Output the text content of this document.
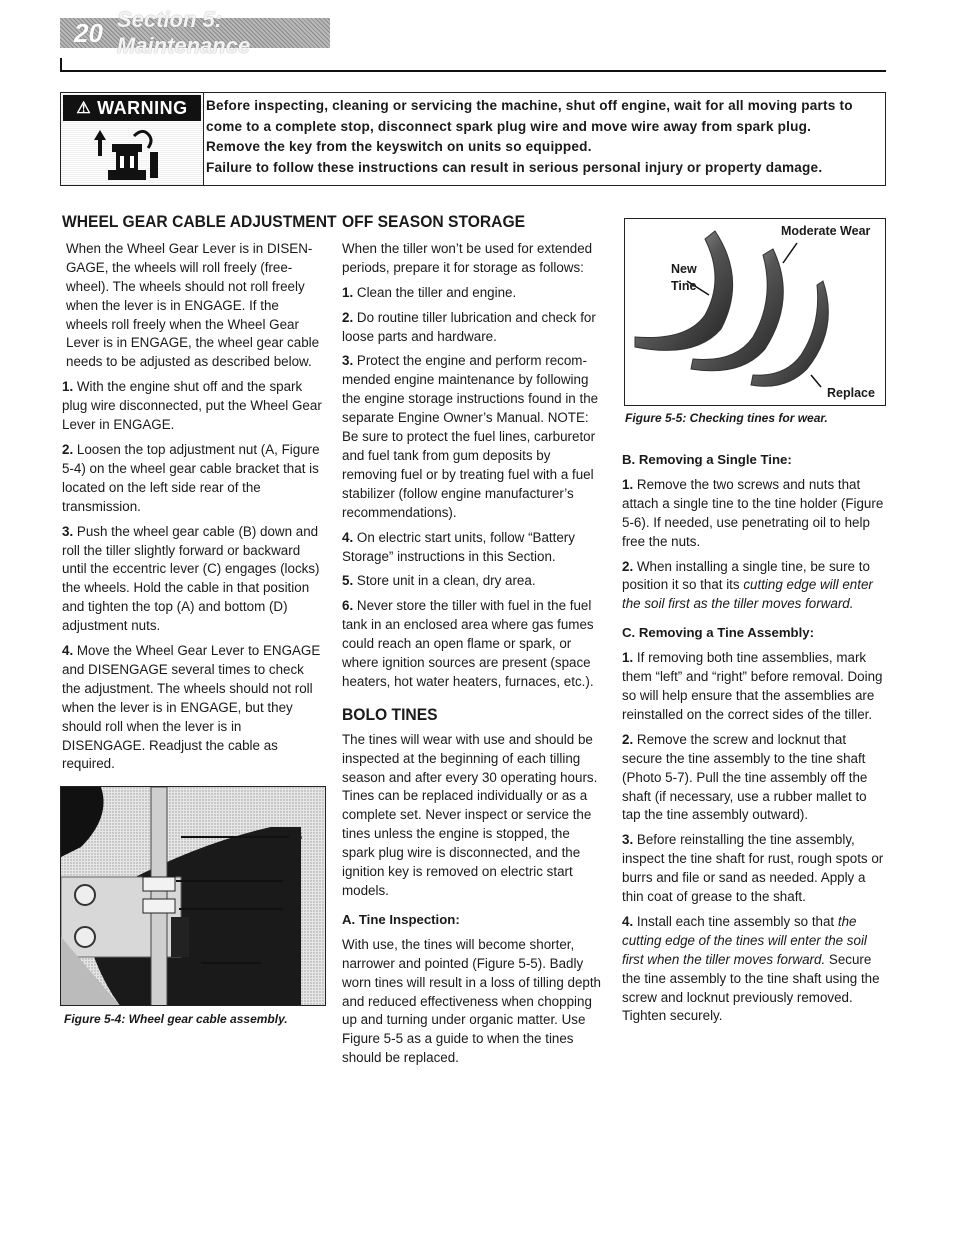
20 Section 5: Maintenance
⚠ WARNING Before inspecting, cleaning or servicing the machine, shut off engine, wait for all moving parts to

come to a complete stop, disconnect spark plug wire and move wire away from spark plug.

Remove the key from the keyswitch on units so equipped.

Failure to follow these instructions can result in serious personal injury or property damage.

WHEEL GEAR CABLE ADJUSTMENT

When the Wheel Gear Lever is in DISENGAGE, the wheels will roll freely (free-wheel). The wheels should not roll freely when the lever is in ENGAGE. If the wheels roll freely when the Wheel Gear Lever is in ENGAGE, the wheel gear cable needs to be adjusted as described below.

1. With the engine shut off and the spark plug wire disconnected, put the Wheel Gear Lever in ENGAGE.

2. Loosen the top adjustment nut (A, Figure 5-4) on the wheel gear cable bracket that is located on the left side rear of the transmission.

3. Push the wheel gear cable (B) down and roll the tiller slightly forward or backward until the eccentric lever (C) engages (locks) the wheels. Hold the cable in that position and tighten the top (A) and bottom (D) adjustment nuts.

4. Move the Wheel Gear Lever to ENGAGE and DISENGAGE several times to check the adjustment. The wheels should not roll when the lever is in ENGAGE, but they should roll when the lever is in DISENGAGE. Readjust the cable as required.

B
A
D
C
Figure 5-4: Wheel gear cable assembly.
OFF SEASON STORAGE

When the tiller won’t be used for extended periods, prepare it for storage as follows:

1. Clean the tiller and engine.

2. Do routine tiller lubrication and check for loose parts and hardware.

3. Protect the engine and perform recommended engine maintenance by following the engine storage instructions found in the separate Engine Owner’s Manual. NOTE: Be sure to protect the fuel lines, carburetor and fuel tank from gum deposits by removing fuel or by treating fuel with a fuel stabilizer (follow engine manufacturer’s recommendations).

4. On electric start units, follow “Battery Storage” instructions in this Section.

5. Store unit in a clean, dry area.

6. Never store the tiller with fuel in the fuel tank in an enclosed area where gas fumes could reach an open flame or spark, or where ignition sources are present (space heaters, hot water heaters, furnaces, etc.).

BOLO TINES

The tines will wear with use and should be inspected at the beginning of each tilling season and after every 30 operating hours. Tines can be replaced individually or as a complete set. Never inspect or service the tines unless the engine is stopped, the spark plug wire is disconnected, and the ignition key is removed on electric start models.

A. Tine Inspection:

With use, the tines will become shorter, narrower and pointed (Figure 5-5). Badly worn tines will result in a loss of tilling depth and reduced effectiveness when chopping up and turning under organic matter. Use Figure 5-5 as a guide to when the tines should be replaced.

Moderate Wear
New
Tine
Replace
Figure 5-5: Checking tines for wear.
B. Removing a Single Tine:

1. Remove the two screws and nuts that attach a single tine to the tine holder (Figure 5-6). If needed, use penetrating oil to help free the nuts.

2. When installing a single tine, be sure to position it so that its cutting edge will enter the soil first as the tiller moves forward.

C. Removing a Tine Assembly:

1. If removing both tine assemblies, mark them “left” and “right” before removal. Doing so will help ensure that the assemblies are reinstalled on the correct sides of the tiller.

2. Remove the screw and locknut that secure the tine assembly to the tine shaft (Photo 5-7). Pull the tine assembly off the shaft (if necessary, use a rubber mallet to tap the tine assembly outward).

3. Before reinstalling the tine assembly, inspect the tine shaft for rust, rough spots or burrs and file or sand as needed. Apply a thin coat of grease to the shaft.

4. Install each tine assembly so that the cutting edge of the tines will enter the soil first when the tiller moves forward. Secure the tine assembly to the tine shaft using the screw and locknut previously removed. Tighten securely.
